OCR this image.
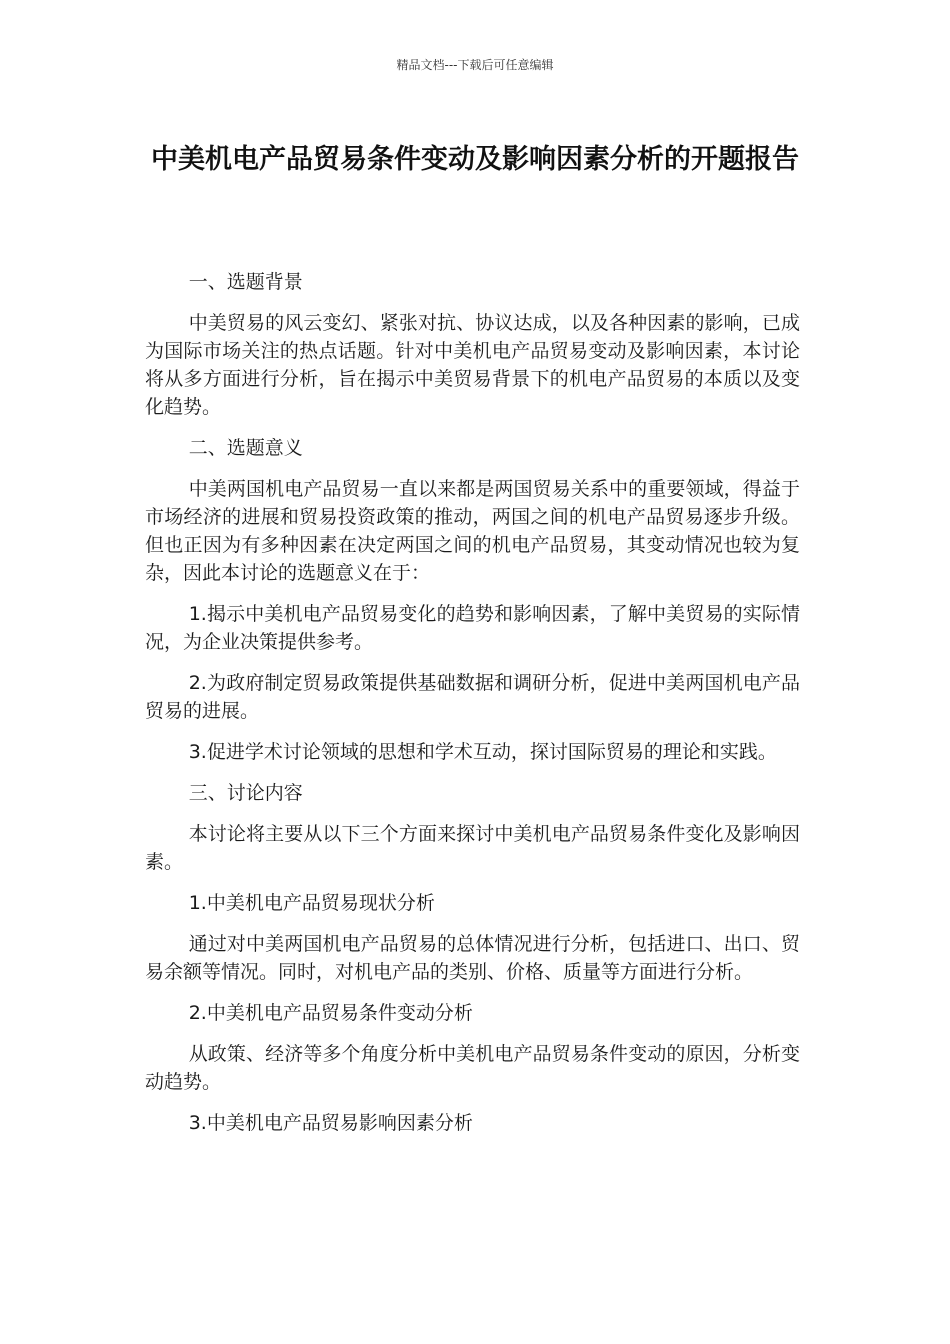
精品文档---下载后可任意编辑
中美机电产品贸易条件变动及影响因素分析的开题报告

一、选题背景

中美贸易的风云变幻、紧张对抗、协议达成，以及各种因素的影响，已成为国际市场关注的热点话题。针对中美机电产品贸易变动及影响因素，本讨论将从多方面进行分析，旨在揭示中美贸易背景下的机电产品贸易的本质以及变化趋势。

二、选题意义

中美两国机电产品贸易一直以来都是两国贸易关系中的重要领域，得益于市场经济的进展和贸易投资政策的推动，两国之间的机电产品贸易逐步升级。但也正因为有多种因素在决定两国之间的机电产品贸易，其变动情况也较为复杂，因此本讨论的选题意义在于：

1.揭示中美机电产品贸易变化的趋势和影响因素，了解中美贸易的实际情况，为企业决策提供参考。

2.为政府制定贸易政策提供基础数据和调研分析，促进中美两国机电产品贸易的进展。

3.促进学术讨论领域的思想和学术互动，探讨国际贸易的理论和实践。

三、讨论内容

本讨论将主要从以下三个方面来探讨中美机电产品贸易条件变化及影响因素。

1.中美机电产品贸易现状分析

通过对中美两国机电产品贸易的总体情况进行分析，包括进口、出口、贸易余额等情况。同时，对机电产品的类别、价格、质量等方面进行分析。

2.中美机电产品贸易条件变动分析

从政策、经济等多个角度分析中美机电产品贸易条件变动的原因，分析变动趋势。

3.中美机电产品贸易影响因素分析
